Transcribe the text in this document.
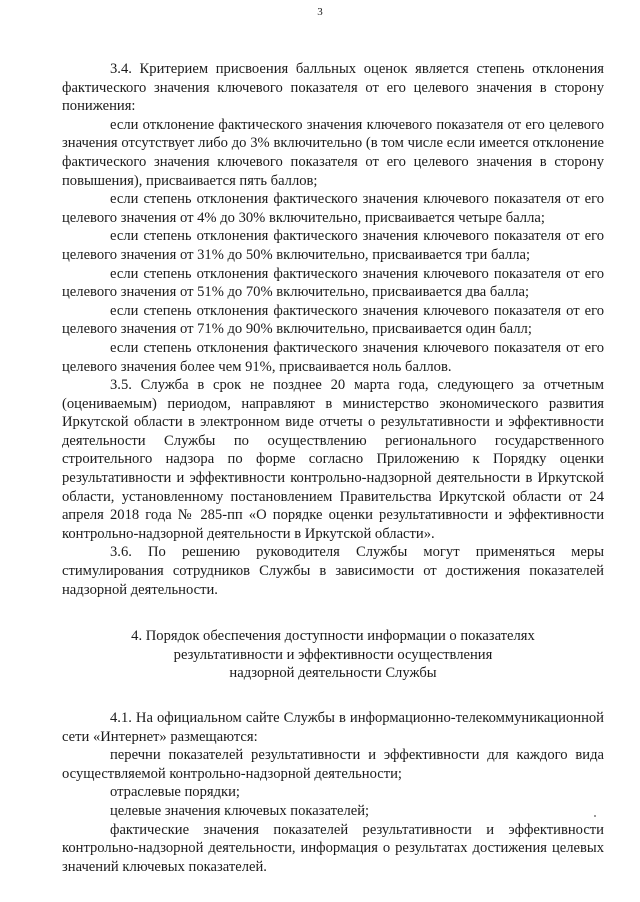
3

3.4. Критерием присвоения балльных оценок является степень отклонения фактического значения ключевого показателя от его целевого значения в сторону понижения:

если отклонение фактического значения ключевого показателя от его целевого значения отсутствует либо до 3% включительно (в том числе если имеется отклонение фактического значения ключевого показателя от его целевого значения в сторону повышения), присваивается пять баллов;

если степень отклонения фактического значения ключевого показателя от его целевого значения от 4% до 30% включительно, присваивается четыре балла;

если степень отклонения фактического значения ключевого показателя от его целевого значения от 31% до 50% включительно, присваивается три балла;

если степень отклонения фактического значения ключевого показателя от его целевого значения от 51% до 70% включительно, присваивается два балла;

если степень отклонения фактического значения ключевого показателя от его целевого значения от 71% до 90% включительно, присваивается один балл;

если степень отклонения фактического значения ключевого показателя от его целевого значения более чем 91%, присваивается ноль баллов.

3.5. Служба в срок не позднее 20 марта года, следующего за отчетным (оцениваемым) периодом, направляют в министерство экономического развития Иркутской области в электронном виде отчеты о результативности и эффективности деятельности Службы по осуществлению регионального государственного строительного надзора по форме согласно Приложению к Порядку оценки результативности и эффективности контрольно-надзорной деятельности в Иркутской области, установленному постановлением Правительства Иркутской области от 24 апреля 2018 года № 285-пп «О порядке оценки результативности и эффективности контрольно-надзорной деятельности в Иркутской области».

3.6. По решению руководителя Службы могут применяться меры стимулирования сотрудников Службы в зависимости от достижения показателей надзорной деятельности.

4. Порядок обеспечения доступности информации о показателях
результативности и эффективности осуществления
надзорной деятельности Службы

4.1. На официальном сайте Службы в информационно-телекоммуникационной сети «Интернет» размещаются:

перечни показателей результативности и эффективности для каждого вида осуществляемой контрольно-надзорной деятельности;

отраслевые порядки;

целевые значения ключевых показателей;

фактические значения показателей результативности и эффективности контрольно-надзорной деятельности, информация о результатах достижения целевых значений ключевых показателей.
